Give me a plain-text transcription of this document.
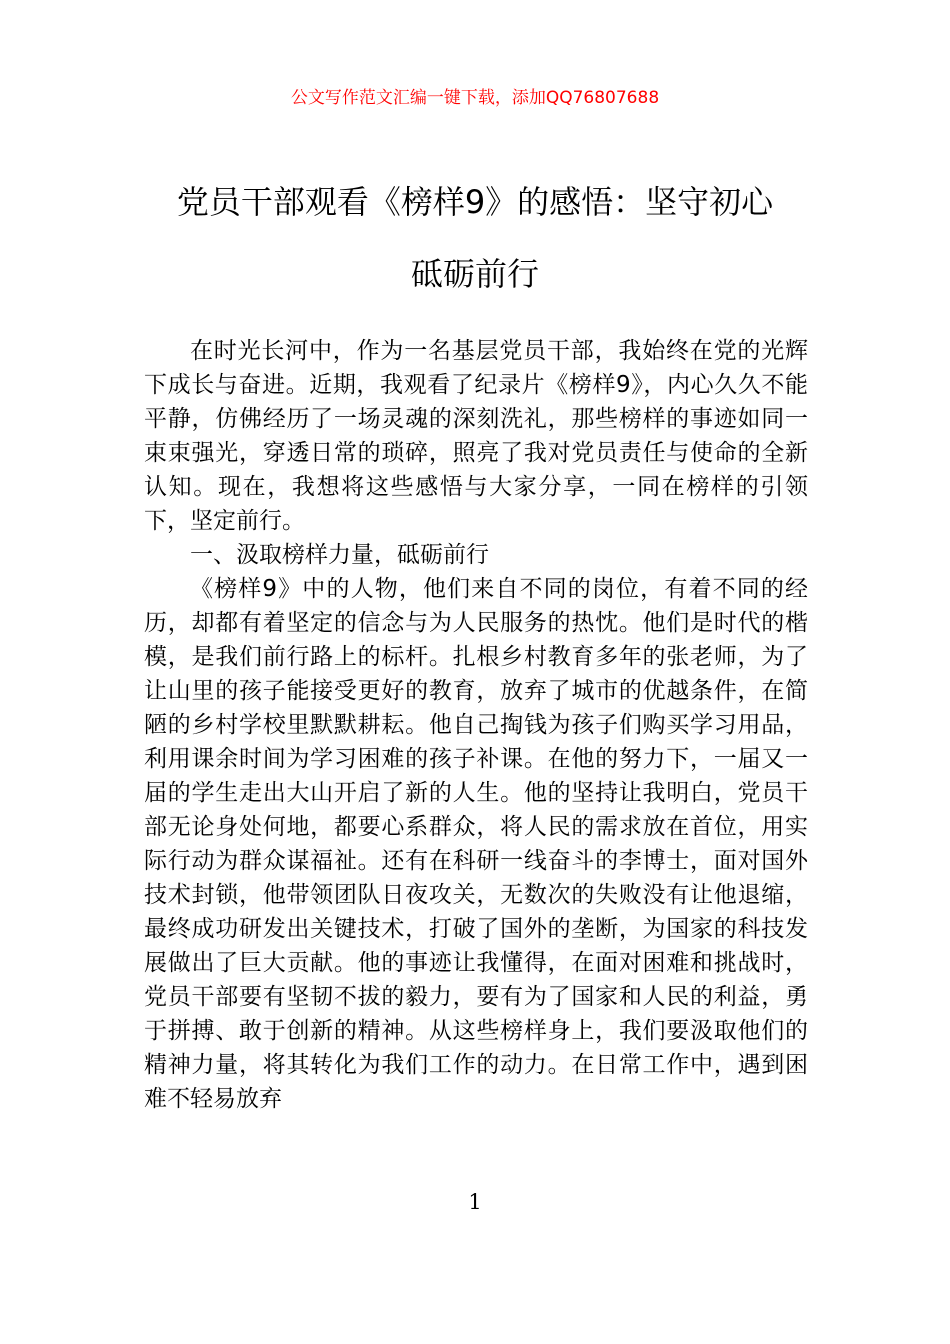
公文写作范文汇编一键下载，添加QQ76807688
党员干部观看《榜样9》的感悟：坚守初心
砥砺前行

在时光长河中，作为一名基层党员干部，我始终在党的光辉下成长与奋进。近期，我观看了纪录片《榜样9》，内心久久不能平静，仿佛经历了一场灵魂的深刻洗礼，那些榜样的事迹如同一束束强光，穿透日常的琐碎，照亮了我对党员责任与使命的全新认知。现在，我想将这些感悟与大家分享，一同在榜样的引领下，坚定前行。

一、汲取榜样力量，砥砺前行

《榜样9》中的人物，他们来自不同的岗位，有着不同的经历，却都有着坚定的信念与为人民服务的热忱。他们是时代的楷模，是我们前行路上的标杆。扎根乡村教育多年的张老师，为了让山里的孩子能接受更好的教育，放弃了城市的优越条件，在简陋的乡村学校里默默耕耘。他自己掏钱为孩子们购买学习用品，利用课余时间为学习困难的孩子补课。在他的努力下，一届又一届的学生走出大山开启了新的人生。他的坚持让我明白，党员干部无论身处何地，都要心系群众，将人民的需求放在首位，用实际行动为群众谋福祉。还有在科研一线奋斗的李博士，面对国外技术封锁，他带领团队日夜攻关，无数次的失败没有让他退缩，最终成功研发出关键技术，打破了国外的垄断，为国家的科技发展做出了巨大贡献。他的事迹让我懂得，在面对困难和挑战时，党员干部要有坚韧不拔的毅力，要有为了国家和人民的利益，勇于拼搏、敢于创新的精神。从这些榜样身上，我们要汲取他们的精神力量，将其转化为我们工作的动力。在日常工作中，遇到困难不轻易放弃

1
